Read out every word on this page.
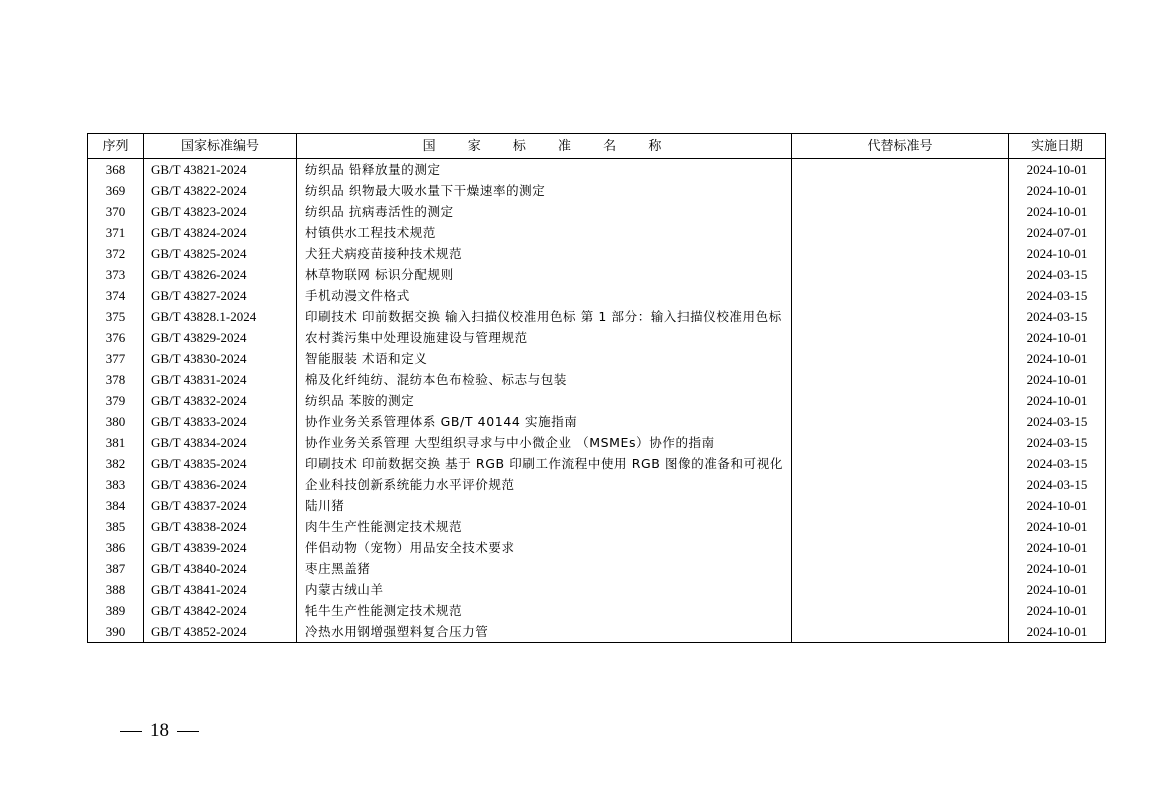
序列	国家标准编号	国 家 标 准 名 称	代替标准号	实施日期
368	GB/T 43821-2024	纺织品 铅释放量的测定		2024-10-01
369	GB/T 43822-2024	纺织品 织物最大吸水量下干燥速率的测定		2024-10-01
370	GB/T 43823-2024	纺织品 抗病毒活性的测定		2024-10-01
371	GB/T 43824-2024	村镇供水工程技术规范		2024-07-01
372	GB/T 43825-2024	犬狂犬病疫苗接种技术规范		2024-10-01
373	GB/T 43826-2024	林草物联网 标识分配规则		2024-03-15
374	GB/T 43827-2024	手机动漫文件格式		2024-03-15
375	GB/T 43828.1-2024	印刷技术 印前数据交换 输入扫描仪校准用色标 第 1 部分：输入扫描仪校准用色标		2024-03-15
376	GB/T 43829-2024	农村粪污集中处理设施建设与管理规范		2024-10-01
377	GB/T 43830-2024	智能服装 术语和定义		2024-10-01
378	GB/T 43831-2024	棉及化纤纯纺、混纺本色布检验、标志与包装		2024-10-01
379	GB/T 43832-2024	纺织品 苯胺的测定		2024-10-01
380	GB/T 43833-2024	协作业务关系管理体系 GB/T 40144 实施指南		2024-03-15
381	GB/T 43834-2024	协作业务关系管理 大型组织寻求与中小微企业 （MSMEs）协作的指南		2024-03-15
382	GB/T 43835-2024	印刷技术 印前数据交换 基于 RGB 印刷工作流程中使用 RGB 图像的准备和可视化		2024-03-15
383	GB/T 43836-2024	企业科技创新系统能力水平评价规范		2024-03-15
384	GB/T 43837-2024	陆川猪		2024-10-01
385	GB/T 43838-2024	肉牛生产性能测定技术规范		2024-10-01
386	GB/T 43839-2024	伴侣动物（宠物）用品安全技术要求		2024-10-01
387	GB/T 43840-2024	枣庄黑盖猪		2024-10-01
388	GB/T 43841-2024	内蒙古绒山羊		2024-10-01
389	GB/T 43842-2024	牦牛生产性能测定技术规范		2024-10-01
390	GB/T 43852-2024	冷热水用钢增强塑料复合压力管		2024-10-01
18
